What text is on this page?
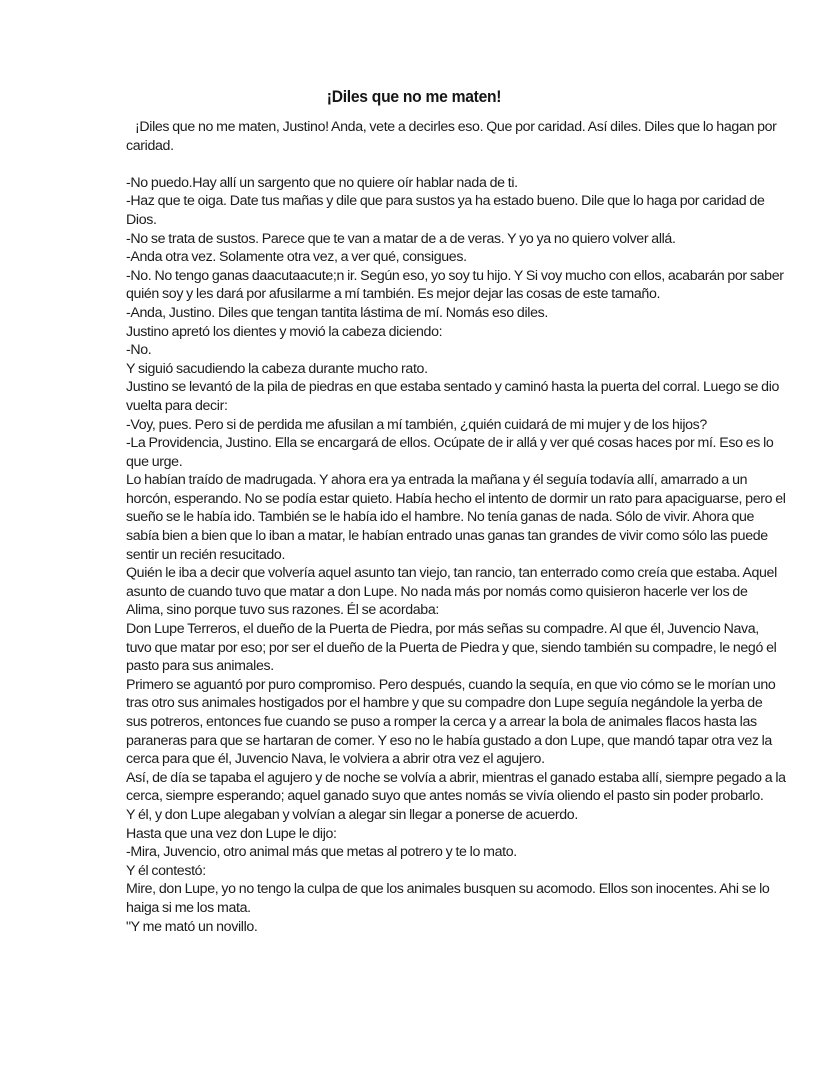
¡Diles que no me maten!

¡Diles que no me maten, Justino! Anda, vete a decirles eso. Que por caridad. Así diles. Diles que lo hagan por caridad.

-No puedo.Hay allí un sargento que no quiere oír hablar nada de ti.

-Haz que te oiga. Date tus mañas y dile que para sustos ya ha estado bueno. Dile que lo haga por caridad de Dios.

-No se trata de sustos. Parece que te van a matar de a de veras. Y yo ya no quiero volver allá.

-Anda otra vez. Solamente otra vez, a ver qué, consigues.

-No. No tengo ganas daacutaacute;n ir. Según eso, yo soy tu hijo. Y Si voy mucho con ellos, acabarán por saber quién soy y les dará por afusilarme a mí también. Es mejor dejar las cosas de este tamaño.

-Anda, Justino. Diles que tengan tantita lástima de mí. Nomás eso diles.

Justino apretó los dientes y movió la cabeza diciendo:

-No.

Y siguió sacudiendo la cabeza durante mucho rato.

Justino se levantó de la pila de piedras en que estaba sentado y caminó hasta la puerta del corral. Luego se dio vuelta para decir:

-Voy, pues. Pero si de perdida me afusilan a mí también, ¿quién cuidará de mi mujer y de los hijos?

-La Providencia, Justino. Ella se encargará de ellos. Ocúpate de ir allá y ver qué cosas haces por mí. Eso es lo que urge.

Lo habían traído de madrugada. Y ahora era ya entrada la mañana y él seguía todavía allí, amarrado a un horcón, esperando. No se podía estar quieto. Había hecho el intento de dormir un rato para apaciguarse, pero el sueño se le había ido. También se le había ido el hambre. No tenía ganas de nada. Sólo de vivir. Ahora que sabía bien a bien que lo iban a matar, le habían entrado unas ganas tan grandes de vivir como sólo las puede sentir un recién resucitado.

Quién le iba a decir que volvería aquel asunto tan viejo, tan rancio, tan enterrado como creía que estaba. Aquel asunto de cuando tuvo que matar a don Lupe. No nada más por nomás como quisieron hacerle ver los de Alima, sino porque tuvo sus razones. Él se acordaba:

Don Lupe Terreros, el dueño de la Puerta de Piedra, por más señas su compadre. Al que él, Juvencio Nava, tuvo que matar por eso; por ser el dueño de la Puerta de Piedra y que, siendo también su compadre, le negó el pasto para sus animales.

Primero se aguantó por puro compromiso. Pero después, cuando la sequía, en que vio cómo se le morían uno tras otro sus animales hostigados por el hambre y que su compadre don Lupe seguía negándole la yerba de sus potreros, entonces fue cuando se puso a romper la cerca y a arrear la bola de animales flacos hasta las paraneras para que se hartaran de comer. Y eso no le había gustado a don Lupe, que mandó tapar otra vez la cerca para que él, Juvencio Nava, le volviera a abrir otra vez el agujero.

Así, de día se tapaba el agujero y de noche se volvía a abrir, mientras el ganado estaba allí, siempre pegado a la cerca, siempre esperando; aquel ganado suyo que antes nomás se vivía oliendo el pasto sin poder probarlo.

Y él, y don Lupe alegaban y volvían a alegar sin llegar a ponerse de acuerdo.

Hasta que una vez don Lupe le dijo:

-Mira, Juvencio, otro animal más que metas al potrero y te lo mato.

Y él contestó:

Mire, don Lupe, yo no tengo la culpa de que los animales busquen su acomodo. Ellos son inocentes. Ahi se lo haiga si me los mata.

"Y me mató un novillo.
